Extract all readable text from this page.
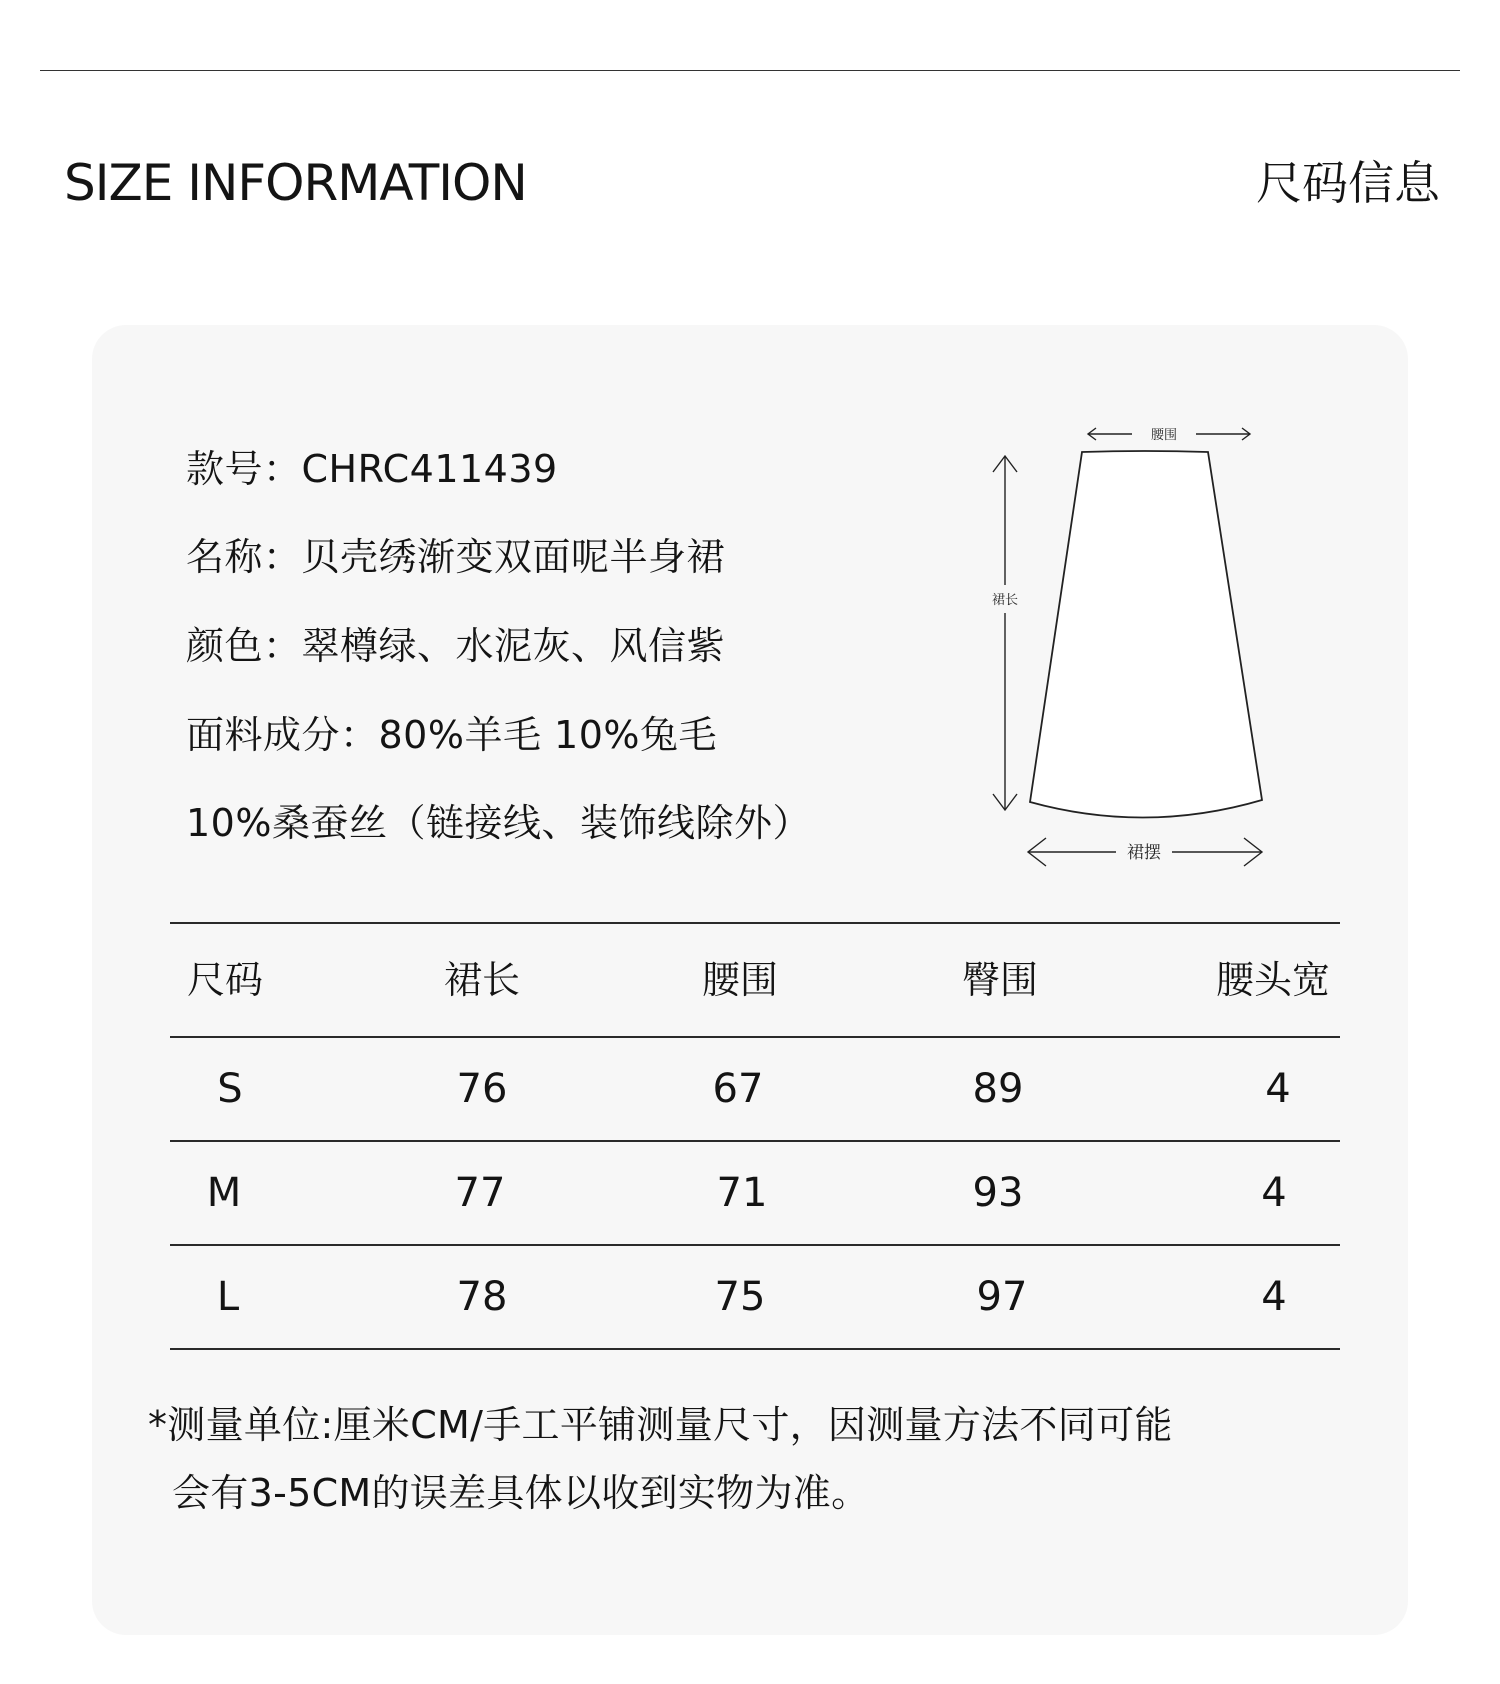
SIZE INFORMATION	尺码信息
款号：CHRC411439
名称：贝壳绣渐变双面呢半身裙
颜色：翠樽绿、水泥灰、风信紫
面料成分：80%羊毛 10%兔毛
10%桑蚕丝（链接线、装饰线除外）
腰围
裙长
裙摆
尺码	裙长	腰围	臀围	腰头宽
S	76	67	89	4
M	77	71	93	4
L	78	75	97	4
*测量单位:厘米CM/手工平铺测量尺寸，因测量方法不同可能
会有3-5CM的误差具体以收到实物为准。
